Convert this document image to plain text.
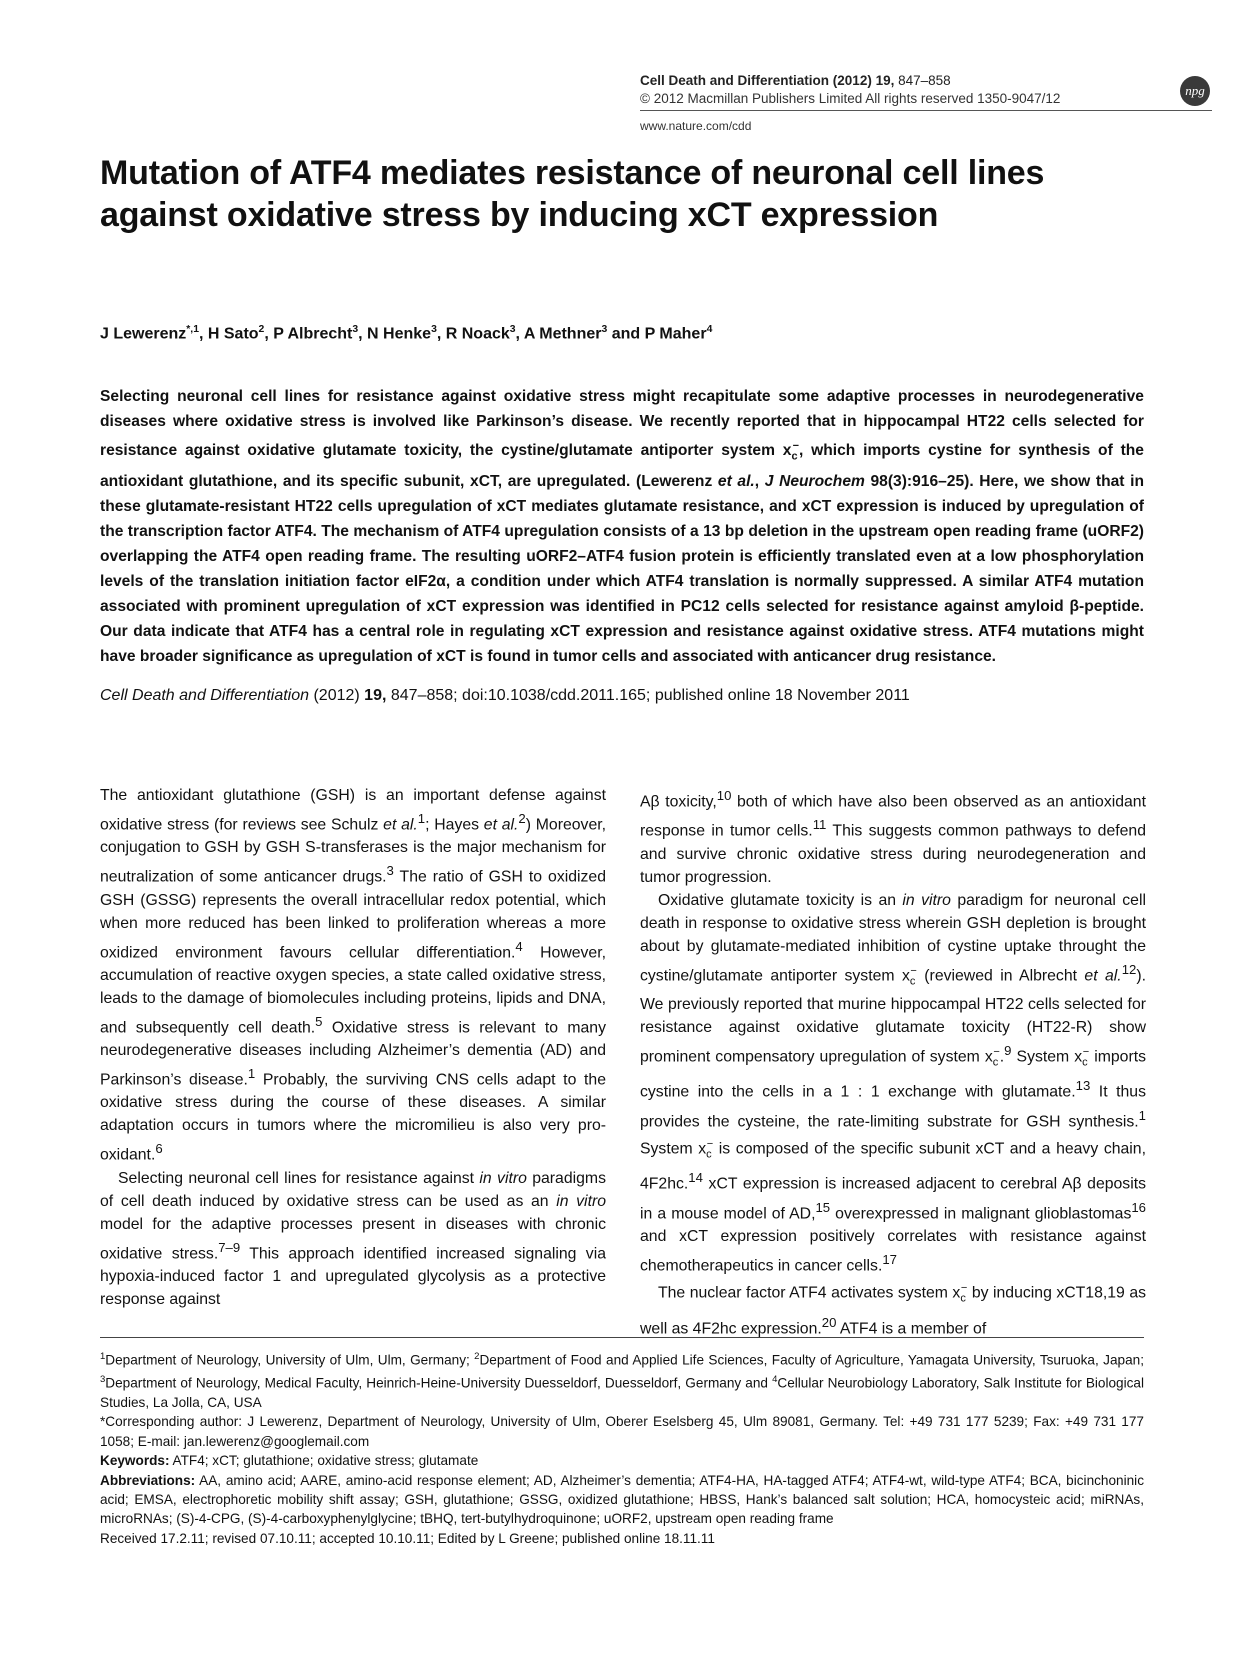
Cell Death and Differentiation (2012) 19, 847–858
© 2012 Macmillan Publishers Limited All rights reserved 1350-9047/12
www.nature.com/cdd
npg
Mutation of ATF4 mediates resistance of neuronal cell lines against oxidative stress by inducing xCT expression
J Lewerenz$^{*,1}$, H Sato$^2$, P Albrecht$^3$, N Henke$^3$, R Noack$^3$, A Methner$^3$ and P Maher$^4$

Selecting neuronal cell lines for resistance against oxidative stress might recapitulate some adaptive processes in neurodegenerative diseases where oxidative stress is involved like Parkinson’s disease. We recently reported that in hippocampal HT22 cells selected for resistance against oxidative glutamate toxicity, the cystine/glutamate antiporter system $x_c^-$, which imports cystine for synthesis of the antioxidant glutathione, and its specific subunit, xCT, are upregulated. (Lewerenz et al., J Neurochem 98(3):916–25). Here, we show that in these glutamate-resistant HT22 cells upregulation of xCT mediates glutamate resistance, and xCT expression is induced by upregulation of the transcription factor ATF4. The mechanism of ATF4 upregulation consists of a 13 bp deletion in the upstream open reading frame (uORF2) overlapping the ATF4 open reading frame. The resulting uORF2–ATF4 fusion protein is efficiently translated even at a low phosphorylation levels of the translation initiation factor eIF2α, a condition under which ATF4 translation is normally suppressed. A similar ATF4 mutation associated with prominent upregulation of xCT expression was identified in PC12 cells selected for resistance against amyloid β-peptide. Our data indicate that ATF4 has a central role in regulating xCT expression and resistance against oxidative stress. ATF4 mutations might have broader significance as upregulation of xCT is found in tumor cells and associated with anticancer drug resistance.

Cell Death and Differentiation (2012) 19, 847–858; doi:10.1038/cdd.2011.165; published online 18 November 2011

The antioxidant glutathione (GSH) is an important defense against oxidative stress (for reviews see Schulz et al.$^1$; Hayes et al.$^2$) Moreover, conjugation to GSH by GSH S-transferases is the major mechanism for neutralization of some anticancer drugs.$^3$ The ratio of GSH to oxidized GSH (GSSG) represents the overall intracellular redox potential, which when more reduced has been linked to proliferation whereas a more oxidized environment favours cellular differentiation.$^4$ However, accumulation of reactive oxygen species, a state called oxidative stress, leads to the damage of biomolecules including proteins, lipids and DNA, and subsequently cell death.$^5$ Oxidative stress is relevant to many neurodegenerative diseases including Alzheimer’s dementia (AD) and Parkinson’s disease.$^1$ Probably, the surviving CNS cells adapt to the oxidative stress during the course of these diseases. A similar adaptation occurs in tumors where the micromilieu is also very pro-oxidant.$^6$

Selecting neuronal cell lines for resistance against in vitro paradigms of cell death induced by oxidative stress can be used as an in vitro model for the adaptive processes present in diseases with chronic oxidative stress.$^{7-9}$ This approach identified increased signaling via hypoxia-induced factor 1 and upregulated glycolysis as a protective response against

Aβ toxicity,$^{10}$ both of which have also been observed as an antioxidant response in tumor cells.$^{11}$ This suggests common pathways to defend and survive chronic oxidative stress during neurodegeneration and tumor progression.

Oxidative glutamate toxicity is an in vitro paradigm for neuronal cell death in response to oxidative stress wherein GSH depletion is brought about by glutamate-mediated inhibition of cystine uptake throught the cystine/glutamate antiporter system $x_c^-$ (reviewed in Albrecht et al.$^{12}$). We previously reported that murine hippocampal HT22 cells selected for resistance against oxidative glutamate toxicity (HT22-R) show prominent compensatory upregulation of system $x_c^-.^9$ System $x_c^-$ imports cystine into the cells in a 1 : 1 exchange with glutamate.$^{13}$ It thus provides the cysteine, the rate-limiting substrate for GSH synthesis.$^1$ System $x_c^-$ is composed of the specific subunit xCT and a heavy chain, 4F2hc.$^{14}$ xCT expression is increased adjacent to cerebral Aβ deposits in a mouse model of AD,$^{15}$ overexpressed in malignant glioblastomas$^{16}$ and xCT expression positively correlates with resistance against chemotherapeutics in cancer cells.$^{17}$

The nuclear factor ATF4 activates system $x_c^-$ by inducing xCT18,19 as well as 4F2hc expression.$^{20}$ ATF4 is a member of

$^1$Department of Neurology, University of Ulm, Ulm, Germany; $^2$Department of Food and Applied Life Sciences, Faculty of Agriculture, Yamagata University, Tsuruoka, Japan; $^3$Department of Neurology, Medical Faculty, Heinrich-Heine-University Duesseldorf, Duesseldorf, Germany and $^4$Cellular Neurobiology Laboratory, Salk Institute for Biological Studies, La Jolla, CA, USA
*Corresponding author: J Lewerenz, Department of Neurology, University of Ulm, Oberer Eselsberg 45, Ulm 89081, Germany. Tel: +49 731 177 5239; Fax: +49 731 177 1058; E-mail: jan.lewerenz@googlemail.com
Keywords: ATF4; xCT; glutathione; oxidative stress; glutamate
Abbreviations: AA, amino acid; AARE, amino-acid response element; AD, Alzheimer’s dementia; ATF4-HA, HA-tagged ATF4; ATF4-wt, wild-type ATF4; BCA, bicinchoninic acid; EMSA, electrophoretic mobility shift assay; GSH, glutathione; GSSG, oxidized glutathione; HBSS, Hank’s balanced salt solution; HCA, homocysteic acid; miRNAs, microRNAs; (S)-4-CPG, (S)-4-carboxyphenylglycine; tBHQ, tert-butylhydroquinone; uORF2, upstream open reading frame
Received 17.2.11; revised 07.10.11; accepted 10.10.11; Edited by L Greene; published online 18.11.11
